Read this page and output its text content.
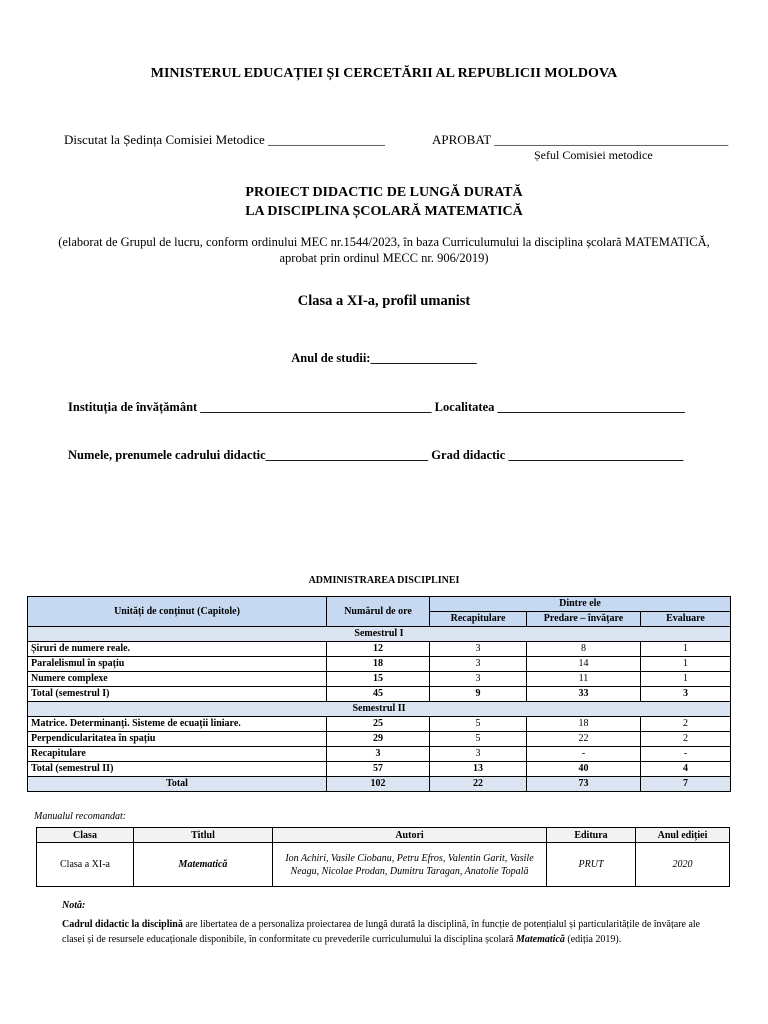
MINISTERUL EDUCAȚIEI ȘI CERCETĂRII AL REPUBLICII MOLDOVA
Discutat la Ședința Comisiei Metodice __________________	APROBAT ____________________________________
Șeful Comisiei metodice
PROIECT DIDACTIC DE LUNGĂ DURATĂ
LA DISCIPLINA ȘCOLARĂ MATEMATICĂ
(elaborat de Grupul de lucru, conform ordinului MEC nr.1544/2023, în baza Curriculumului la disciplina școlară MATEMATICĂ, aprobat prin ordinul MECC nr. 906/2019)
Clasa a XI-a, profil umanist
Anul de studii:_________________
Instituția de învățământ _____________________________________ Localitatea ______________________________
Numele, prenumele cadrului didactic__________________________ Grad didactic ____________________________
ADMINISTRAREA DISCIPLINEI
Unități de conținut (Capitole)	Numărul de ore	Dintre ele		
		Recapitulare	Predare – învățare	Evaluare
Semestrul I				
Șiruri de numere reale.	12	3	8	1
Paralelismul în spațiu	18	3	14	1
Numere complexe	15	3	11	1
Total (semestrul I)	45	9	33	3
Semestrul II				
Matrice. Determinanți. Sisteme de ecuații liniare.	25	5	18	2
Perpendicularitatea în spațiu	29	5	22	2
Recapitulare	3	3	-	-
Total (semestrul II)	57	13	40	4
Total	102	22	73	7
Manualul recomandat:
Clasa	Titlul	Autori	Editura	Anul ediției
Clasa a XI-a	Matematică	Ion Achiri, Vasile Ciobanu, Petru Efros, Valentin Garit, Vasile Neagu, Nicolae Prodan, Dumitru Taragan, Anatolie Topală	PRUT	2020
Notă:
Cadrul didactic la disciplină are libertatea de a personaliza proiectarea de lungă durată la disciplină, în funcție de potențialul și particularitățile de învățare ale clasei și de resursele educaționale disponibile, în conformitate cu prevederile curriculumului la disciplina școlară Matematică (ediția 2019).
